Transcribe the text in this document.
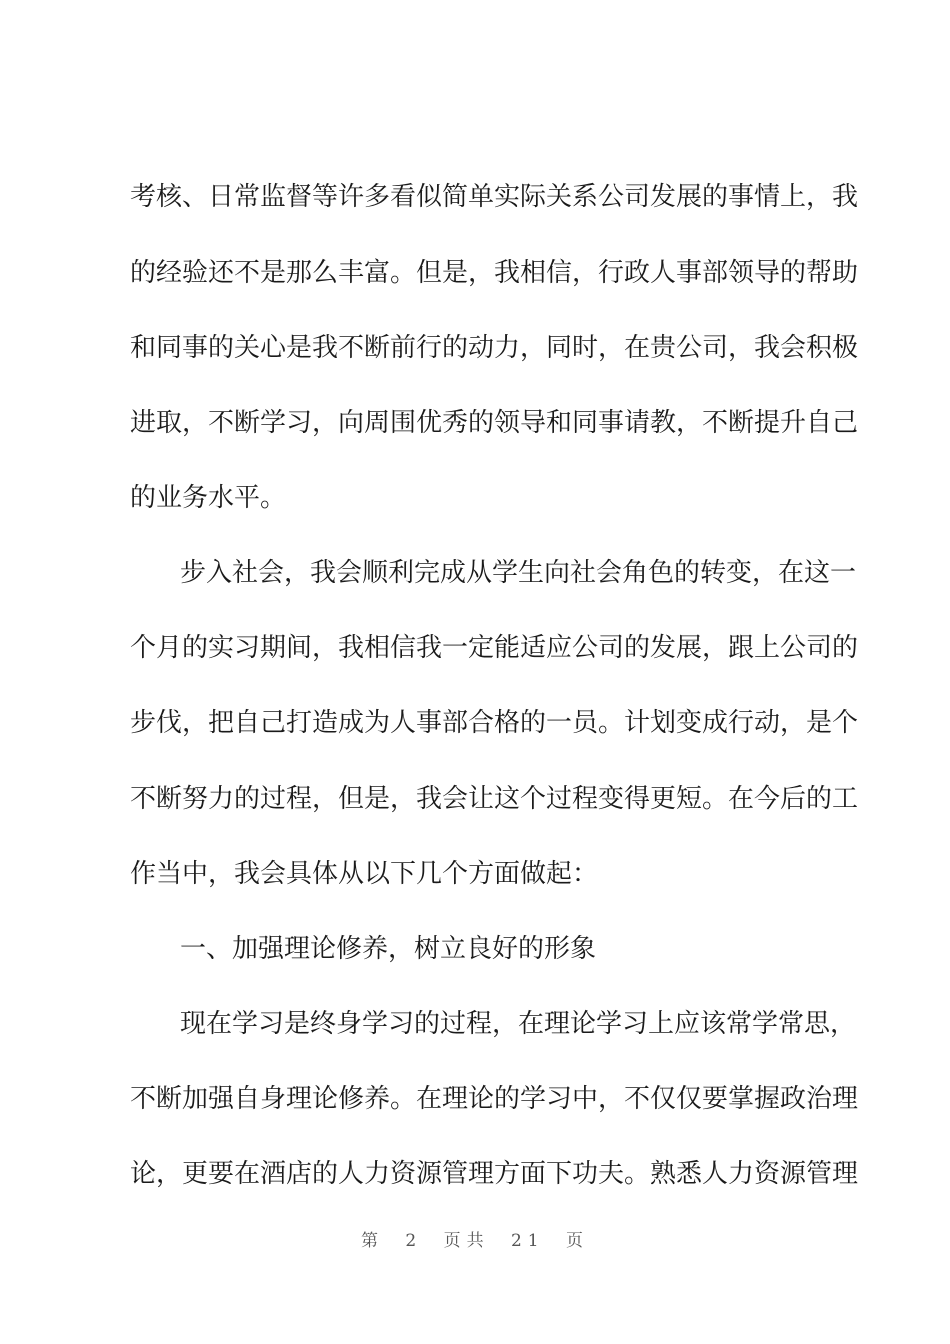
考核、日常监督等许多看似简单实际关系公司发展的事情上，我
的经验还不是那么丰富。但是，我相信，行政人事部领导的帮助
和同事的关心是我不断前行的动力，同时，在贵公司，我会积极
进取，不断学习，向周围优秀的领导和同事请教，不断提升自己
的业务水平。
步入社会，我会顺利完成从学生向社会角色的转变，在这一
个月的实习期间，我相信我一定能适应公司的发展，跟上公司的
步伐，把自己打造成为人事部合格的一员。计划变成行动，是个
不断努力的过程，但是，我会让这个过程变得更短。在今后的工
作当中，我会具体从以下几个方面做起：
一、加强理论修养，树立良好的形象
现在学习是终身学习的过程，在理论学习上应该常学常思，
不断加强自身理论修养。在理论的学习中，不仅仅要掌握政治理
论，更要在酒店的人力资源管理方面下功夫。熟悉人力资源管理
第 2 页共 21 页
